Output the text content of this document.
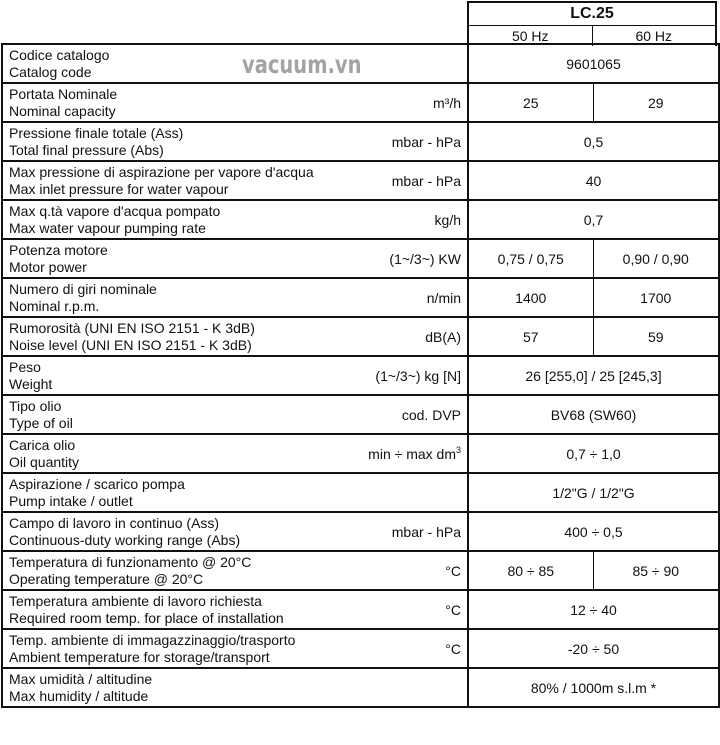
LC.25
50 Hz	60 Hz
Codice catalogo
Catalog code		9601065	

Portata Nominale
Nominal capacity	m³/h	25	29

Pressione finale totale (Ass)
Total final pressure (Abs)	mbar - hPa	0,5	

Max pressione di aspirazione per vapore d'acqua
Max inlet pressure for water vapour	mbar - hPa	40	

Max q.tà vapore d'acqua pompato
Max water vapour pumping rate	kg/h	0,7	

Potenza motore
Motor power	(1~/3~) KW	0,75 / 0,75	0,90 / 0,90

Numero di giri nominale
Nominal r.p.m.	n/min	1400	1700

Rumorosità (UNI EN ISO 2151 - K 3dB)
Noise level (UNI EN ISO 2151 - K 3dB)	dB(A)	57	59

Peso
Weight	(1~/3~) kg [N]	26 [255,0] / 25 [245,3]	

Tipo olio
Type of oil	cod. DVP	BV68 (SW60)	

Carica olio
Oil quantity	$\min \div \max dm^3$	0,7 ÷ 1,0	

Aspirazione / scarico pompa
Pump intake / outlet		1/2"G / 1/2"G	

Campo di lavoro in continuo (Ass)
Continuous-duty working range (Abs)	mbar - hPa	400 ÷ 0,5	

Temperatura di funzionamento @ 20°C
Operating temperature @ 20°C	°C	80 ÷ 85	85 ÷ 90

Temperatura ambiente di lavoro richiesta
Required room temp. for place of installation	°C	12 ÷ 40	

Temp. ambiente di immagazzinaggio/trasporto
Ambient temperature for storage/transport	°C	-20 ÷ 50	

Max umidità / altitudine
Max humidity / altitude		80% / 1000m s.l.m *	
vacuum.vn
